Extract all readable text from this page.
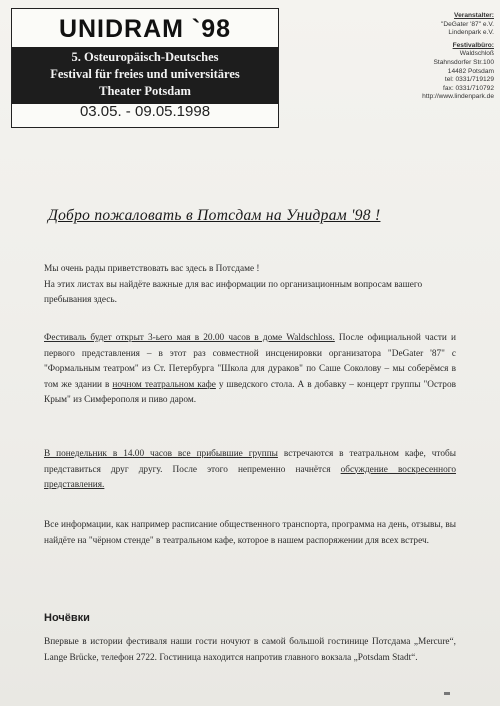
UNIDRAM `98
5. Osteuropäisch-Deutsches
Festival für freies und universitäres
Theater Potsdam
03.05. - 09.05.1998
Veranstalter:
"DeGater '87" e.V.
Lindenpark e.V.
Festivalbüro:
Waldschloß
Stahnsdorfer Str.100
14482 Potsdam
tel: 0331/719129
fax: 0331/710792
http://www.lindenpark.de
Добро пожаловать в Потсдам на Унидрам '98 !
Мы очень рады приветствовать вас здесь в Потсдаме !
На этих листах вы найдёте важные для вас информации по организационным вопросам вашего пребывания здесь.
Фестиваль будет открыт 3-ьего мая в 20.00 часов в доме Waldschloss. После официальной части и первого представления – в этот раз совместной инсценировки организатора "DeGater '87" с "Формальным театром" из Ст. Петербурга "Школа для дураков" по Саше Соколову – мы соберёмся в том же здании в ночном театральном кафе у шведского стола. А в добавку – концерт группы "Остров Крым" из Симферополя и пиво даром.
В понедельник в 14.00 часов все прибывшие группы встречаются в театральном кафе, чтобы представиться друг другу. После этого непременно начнётся обсуждение воскресенного представления.
Все информации, как например расписание общественного транспорта, программа на день, отзывы, вы найдёте на "чёрном стенде" в театральном кафе, которое в нашем распоряжении для всех встреч.
Ночёвки
Впервые в истории фестиваля наши гости ночуют в самой большой гостинице Потсдама „Mercure“, Lange Brücke, телефон 2722. Гостиница находится напротив главного вокзала „Potsdam Stadt“.
